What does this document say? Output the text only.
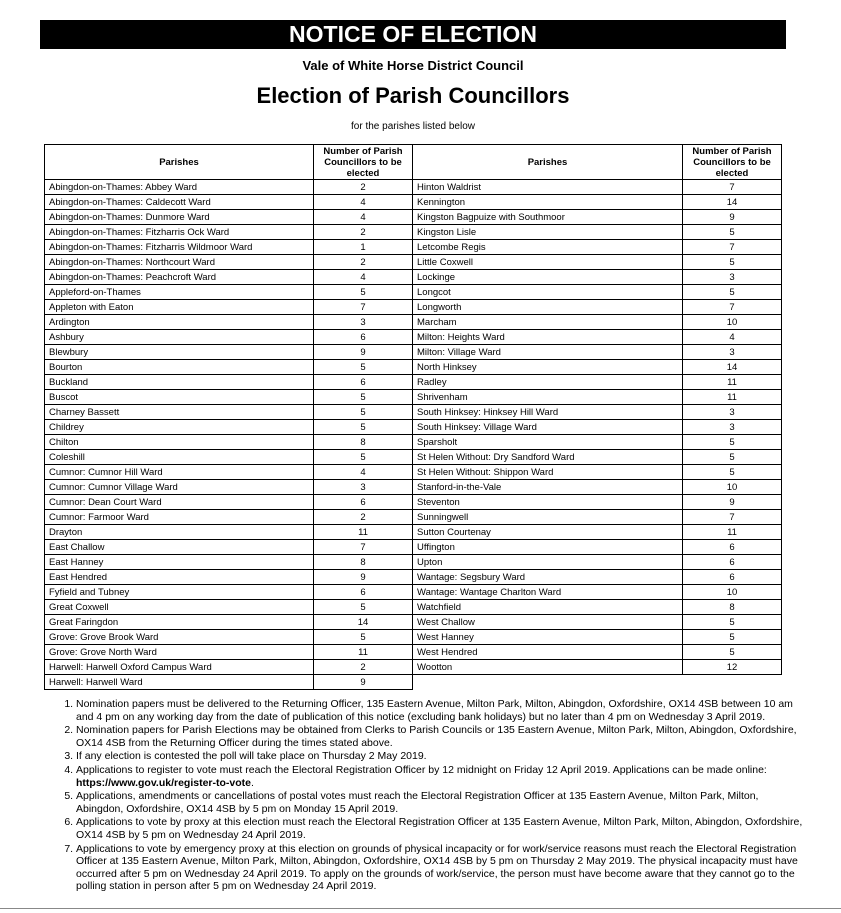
NOTICE OF ELECTION
Vale of White Horse District Council
Election of Parish Councillors
for the parishes listed below
Parishes	Number of Parish
Councillors to be
elected
Abingdon-on-Thames: Abbey Ward	2
Abingdon-on-Thames: Caldecott Ward	4
Abingdon-on-Thames: Dunmore Ward	4
Abingdon-on-Thames: Fitzharris Ock Ward	2
Abingdon-on-Thames: Fitzharris Wildmoor Ward	1
Abingdon-on-Thames: Northcourt Ward	2
Abingdon-on-Thames: Peachcroft Ward	4
Appleford-on-Thames	5
Appleton with Eaton	7
Ardington	3
Ashbury	6
Blewbury	9
Bourton	5
Buckland	6
Buscot	5
Charney Bassett	5
Childrey	5
Chilton	8
Coleshill	5
Cumnor: Cumnor Hill Ward	4
Cumnor: Cumnor Village Ward	3
Cumnor: Dean Court Ward	6
Cumnor: Farmoor Ward	2
Drayton	11
East Challow	7
East Hanney	8
East Hendred	9
Fyfield and Tubney	6
Great Coxwell	5
Great Faringdon	14
Grove: Grove Brook Ward	5
Grove: Grove North Ward	11
Harwell: Harwell Oxford Campus Ward	2
Harwell: Harwell Ward	9
Parishes	Number of Parish
Councillors to be
elected
Hinton Waldrist	7
Kennington	14
Kingston Bagpuize with Southmoor	9
Kingston Lisle	5
Letcombe Regis	7
Little Coxwell	5
Lockinge	3
Longcot	5
Longworth	7
Marcham	10
Milton: Heights Ward	4
Milton: Village Ward	3
North Hinksey	14
Radley	11
Shrivenham	11
South Hinksey: Hinksey Hill Ward	3
South Hinksey: Village Ward	3
Sparsholt	5
St Helen Without: Dry Sandford Ward	5
St Helen Without: Shippon Ward	5
Stanford-in-the-Vale	10
Steventon	9
Sunningwell	7
Sutton Courtenay	11
Uffington	6
Upton	6
Wantage: Segsbury Ward	6
Wantage: Wantage Charlton Ward	10
Watchfield	8
West Challow	5
West Hanney	5
West Hendred	5
Wootton	12
1. Nomination papers must be delivered to the Returning Officer, 135 Eastern Avenue, Milton Park, Milton, Abingdon, Oxfordshire, OX14 4SB between 10 am and 4 pm on any working day from the date of publication of this notice (excluding bank holidays) but no later than 4 pm on Wednesday 3 April 2019.
2. Nomination papers for Parish Elections may be obtained from Clerks to Parish Councils or 135 Eastern Avenue, Milton Park, Milton, Abingdon, Oxfordshire, OX14 4SB from the Returning Officer during the times stated above.
3. If any election is contested the poll will take place on Thursday 2 May 2019.
4. Applications to register to vote must reach the Electoral Registration Officer by 12 midnight on Friday 12 April 2019. Applications can be made online: https://www.gov.uk/register-to-vote.
5. Applications, amendments or cancellations of postal votes must reach the Electoral Registration Officer at 135 Eastern Avenue, Milton Park, Milton, Abingdon, Oxfordshire, OX14 4SB by 5 pm on Monday 15 April 2019.
6. Applications to vote by proxy at this election must reach the Electoral Registration Officer at 135 Eastern Avenue, Milton Park, Milton, Abingdon, Oxfordshire, OX14 4SB by 5 pm on Wednesday 24 April 2019.
7. Applications to vote by emergency proxy at this election on grounds of physical incapacity or for work/service reasons must reach the Electoral Registration Officer at 135 Eastern Avenue, Milton Park, Milton, Abingdon, Oxfordshire, OX14 4SB by 5 pm on Thursday 2 May 2019. The physical incapacity must have occurred after 5 pm on Wednesday 24 April 2019. To apply on the grounds of work/service, the person must have become aware that they cannot go to the polling station in person after 5 pm on Wednesday 24 April 2019.
